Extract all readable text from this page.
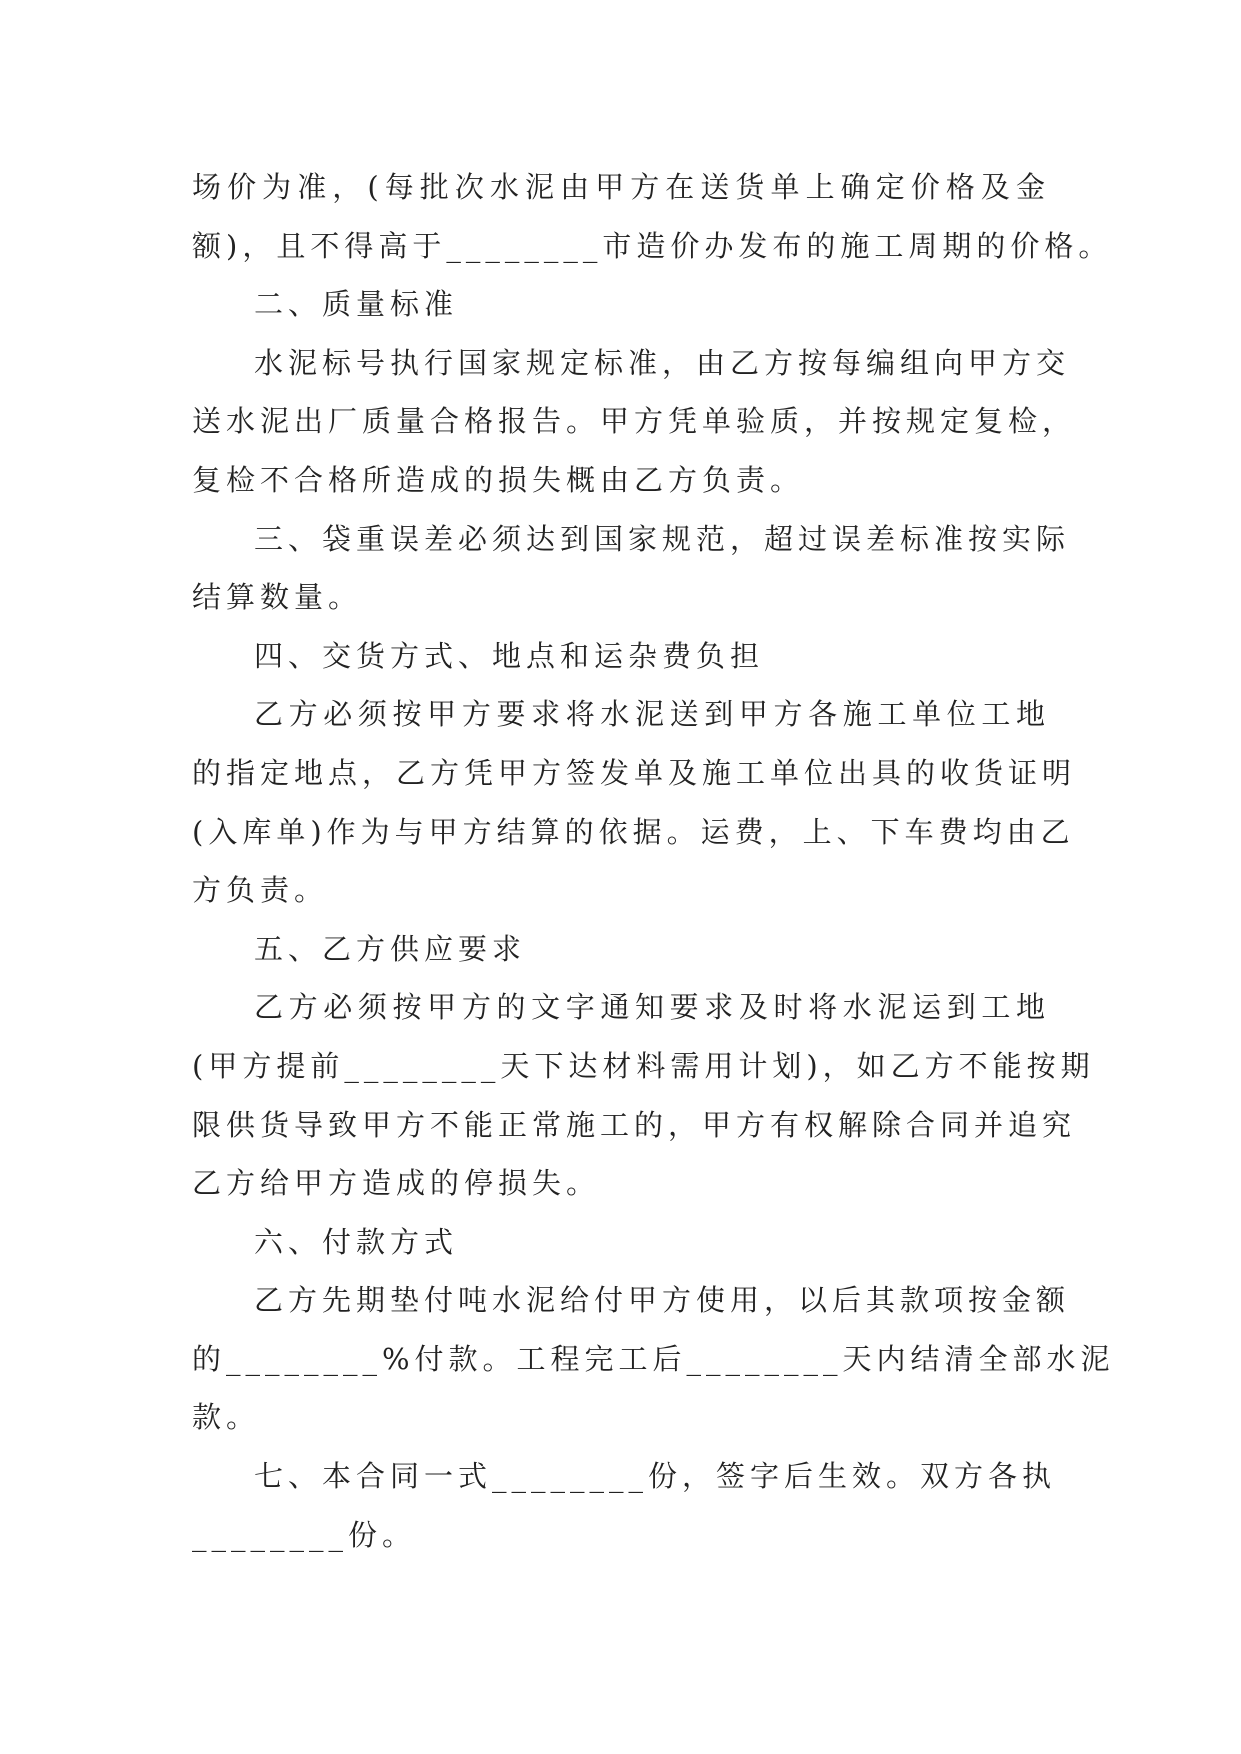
场价为准，(每批次水泥由甲方在送货单上确定价格及金
额)，且不得高于________市造价办发布的施工周期的价格。
二、质量标准
水泥标号执行国家规定标准，由乙方按每编组向甲方交
送水泥出厂质量合格报告。甲方凭单验质，并按规定复检，
复检不合格所造成的损失概由乙方负责。
三、袋重误差必须达到国家规范，超过误差标准按实际
结算数量。
四、交货方式、地点和运杂费负担
乙方必须按甲方要求将水泥送到甲方各施工单位工地
的指定地点，乙方凭甲方签发单及施工单位出具的收货证明
(入库单)作为与甲方结算的依据。运费，上、下车费均由乙
方负责。
五、乙方供应要求
乙方必须按甲方的文字通知要求及时将水泥运到工地
(甲方提前________天下达材料需用计划)，如乙方不能按期
限供货导致甲方不能正常施工的，甲方有权解除合同并追究
乙方给甲方造成的停损失。
六、付款方式
乙方先期垫付吨水泥给付甲方使用，以后其款项按金额
的________%付款。工程完工后________天内结清全部水泥
款。
七、本合同一式________份，签字后生效。双方各执
________份。
